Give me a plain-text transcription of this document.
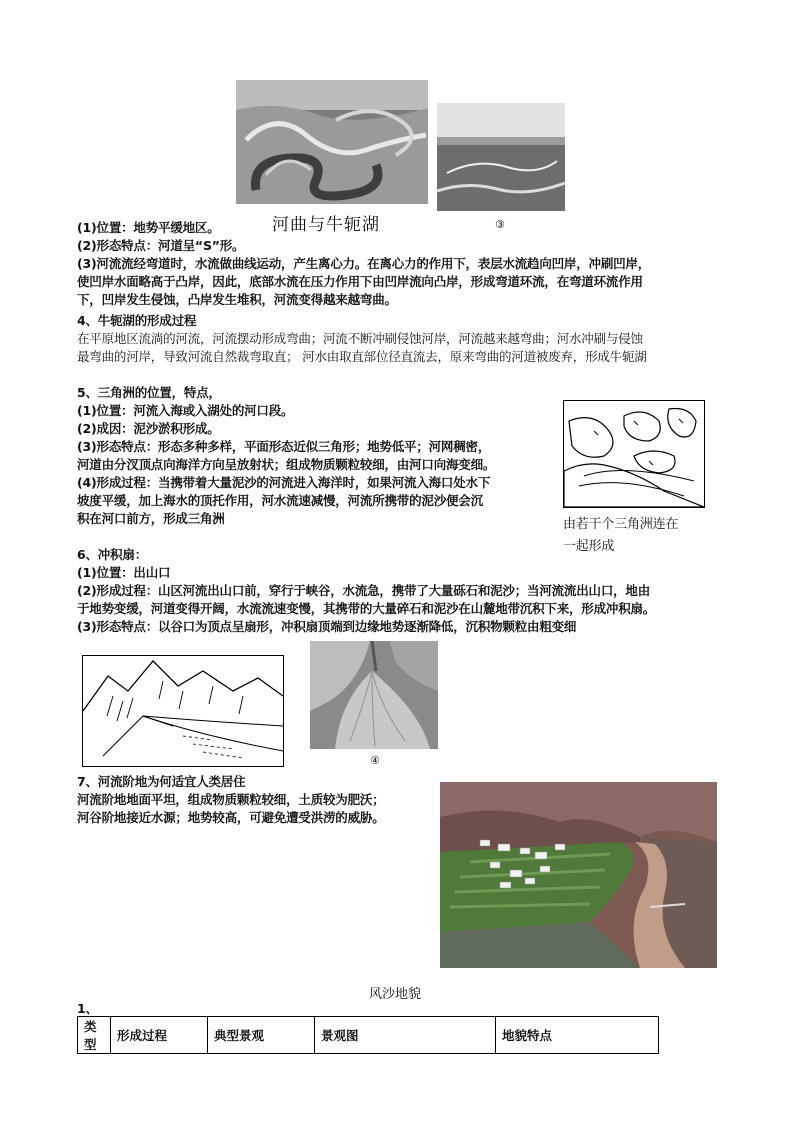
河曲与牛轭湖	③
(1)位置：地势平缓地区。
(2)形态特点：河道呈“S”形。
(3)河流流经弯道时，水流做曲线运动，产生离心力。在离心力的作用下，表层水流趋向凹岸，冲刷凹岸，
使凹岸水面略高于凸岸，因此，底部水流在压力作用下由凹岸流向凸岸，形成弯道环流，在弯道环流作用
下，凹岸发生侵蚀，凸岸发生堆积，河流变得越来越弯曲。
4、牛轭湖的形成过程
在平原地区流淌的河流，河流摆动形成弯曲；河流不断冲刷侵蚀河岸，河流越来越弯曲；河水冲刷与侵蚀
最弯曲的河岸，导致河流自然裁弯取直； 河水由取直部位径直流去，原来弯曲的河道被废弃，形成牛轭湖
5、三角洲的位置，特点，
(1)位置：河流入海或入湖处的河口段。
(2)成因：泥沙淤积形成。
(3)形态特点：形态多种多样，平面形态近似三角形；地势低平；河网稠密，
河道由分汊顶点向海洋方向呈放射状；组成物质颗粒较细，由河口向海变细。
(4)形成过程：当携带着大量泥沙的河流进入海洋时，如果河流入海口处水下
坡度平缓，加上海水的顶托作用，河水流速减慢，河流所携带的泥沙便会沉
积在河口前方，形成三角洲	由若干个三角洲连在
一起形成
6、冲积扇：
(1)位置：出山口
(2)形成过程：山区河流出山口前，穿行于峡谷，水流急，携带了大量砾石和泥沙；当河流流出山口，地由
于地势变缓，河道变得开阔，水流流速变慢，其携带的大量碎石和泥沙在山麓地带沉积下来，形成冲积扇。
(3)形态特点：以谷口为顶点呈扇形，冲积扇顶端到边缘地势逐渐降低，沉积物颗粒由粗变细
④
7、河流阶地为何适宜人类居住
河流阶地地面平坦，组成物质颗粒较细，土质较为肥沃；
河谷阶地接近水源；地势较高，可避免遭受洪涝的威胁。
风沙地貌
1、
类型	形成过程	典型景观	景观图	地貌特点
